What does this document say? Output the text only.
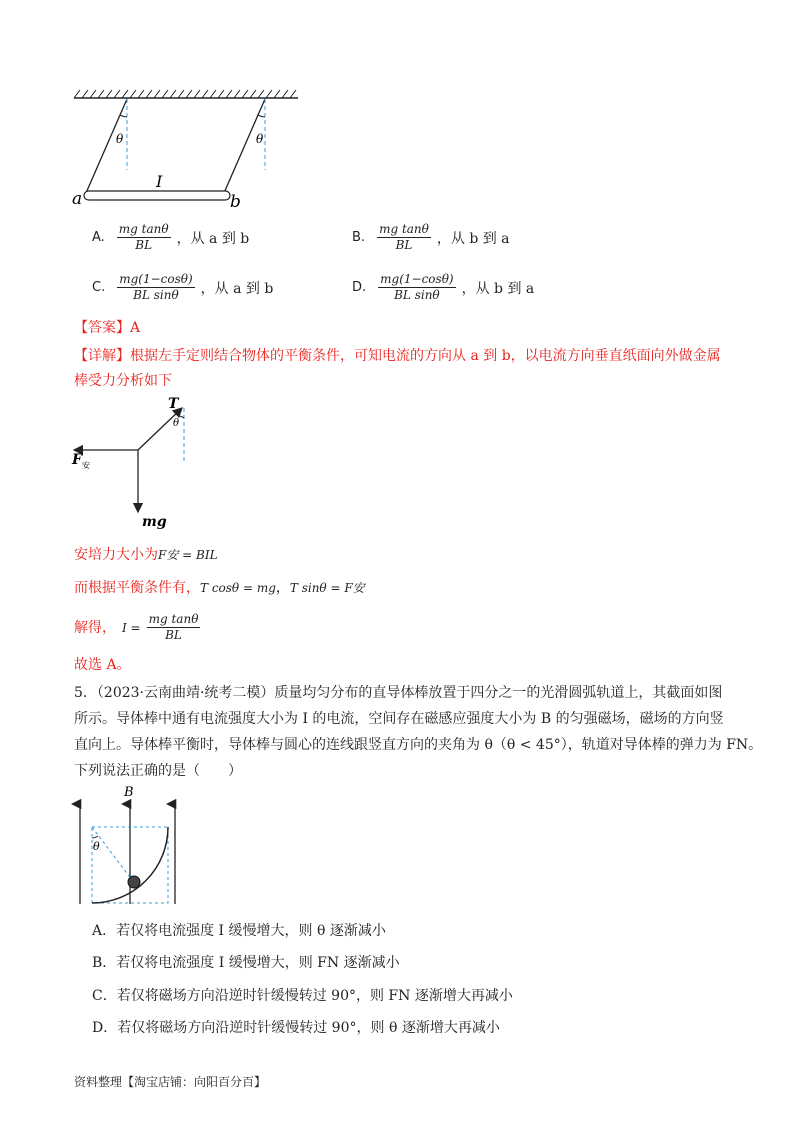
θ	θ
I
a	b
A. $\frac{\text{mg tanθ}}{BL}$ ，从 a 到 b	B. $\frac{\text{mg tanθ}}{BL}$ ，从 b 到 a
C. $\frac{mg(1-\cos\theta)}{\text{BL sinθ}}$ ，从 a 到 b	D. $\frac{mg(1-\cos\theta)}{\text{BL sinθ}}$ ，从 b 到 a
【答案】A
【详解】根据左手定则结合物体的平衡条件，可知电流的方向从 a 到 b，以电流方向垂直纸面向外做金属
棒受力分析如下
T
θ
F 安
mg
安培力大小为F安 = BIL
而根据平衡条件有，T cosθ = mg，T sinθ = F安
解得， $I = \frac{\text{mg tanθ}}{BL}$
故选 A。
5．（2023·云南曲靖·统考二模）质量均匀分布的直导体棒放置于四分之一的光滑圆弧轨道上，其截面如图
所示。导体棒中通有电流强度大小为 I 的电流，空间存在磁感应强度大小为 B 的匀强磁场，磁场的方向竖
直向上。导体棒平衡时，导体棒与圆心的连线跟竖直方向的夹角为 θ（θ < 45°），轨道对导体棒的弹力为 FN。
下列说法正确的是（　　）
B
θ
A．若仅将电流强度 I 缓慢增大，则 θ 逐渐减小
B．若仅将电流强度 I 缓慢增大，则 FN 逐渐减小
C．若仅将磁场方向沿逆时针缓慢转过 90°，则 FN 逐渐增大再减小
D．若仅将磁场方向沿逆时针缓慢转过 90°，则 θ 逐渐增大再减小
资料整理【淘宝店铺：向阳百分百】
